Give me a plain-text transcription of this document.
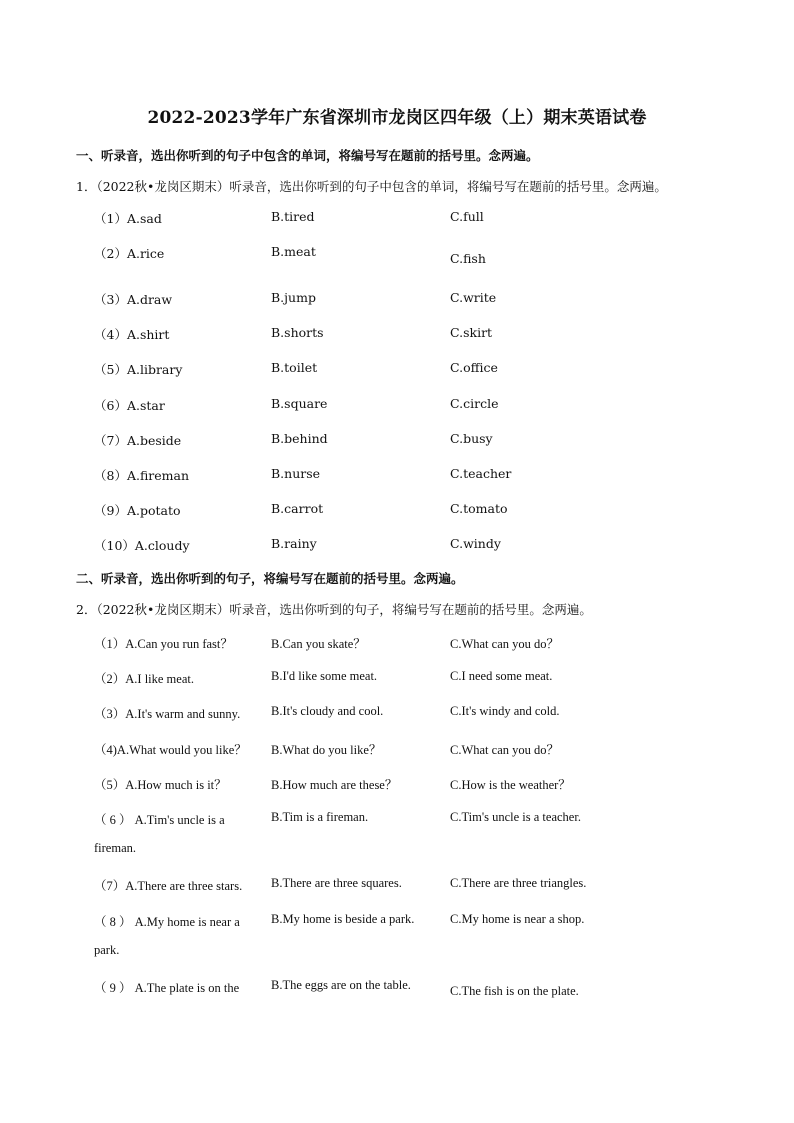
2022-2023学年广东省深圳市龙岗区四年级（上）期末英语试卷
一、听录音，选出你听到的句子中包含的单词，将编号写在题前的括号里。念两遍。
1．（2022秋•龙岗区期末）听录音，选出你听到的句子中包含的单词，将编号写在题前的括号里。念两遍。
（1）A.sad	B.tired	C.full
（2）A.rice	B.meat	C.fish
（3）A.draw	B.jump	C.write
（4）A.shirt	B.shorts	C.skirt
（5）A.library	B.toilet	C.office
（6）A.star	B.square	C.circle
（7）A.beside	B.behind	C.busy
（8）A.fireman	B.nurse	C.teacher
（9）A.potato	B.carrot	C.tomato
（10）A.cloudy	B.rainy	C.windy
二、听录音，选出你听到的句子，将编号写在题前的括号里。念两遍。
2．（2022秋•龙岗区期末）听录音，选出你听到的句子，将编号写在题前的括号里。念两遍。
（1）A.Can you run fast？	B.Can you skate？	C.What can you do？
（2）A.I like meat.	B.I'd like some meat.	C.I need some meat.
（3）A.It's warm and sunny. B.It's cloudy and cool.	C.It's windy and cold.
（4)A.What would you like？ B.What do you like？	C.What can you do？
（5）A.How much is it？	B.How much are these？	C.How is the weather？
（ 6 ） A.Tim's uncle is a	B.Tim is a fireman.	C.Tim's uncle is a teacher.
fireman.
（7）A.There are three stars. B.There are three squares.	C.There are three triangles.
（ 8 ） A.My home is near a B.My home is beside a park.	C.My home is near a shop.
park.
（ 9 ） A.The plate is on the	B.The eggs are on the table.	C.The fish is on the plate.
